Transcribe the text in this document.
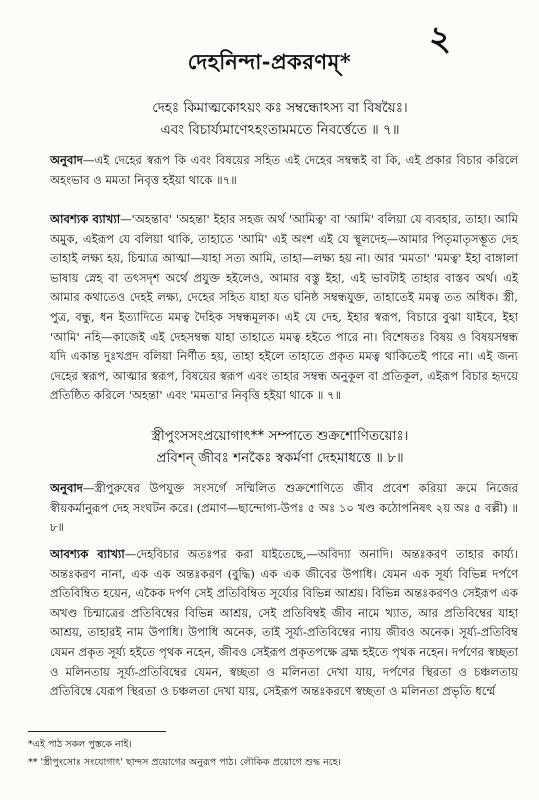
২
দেহনিন্দা-প্রকরণম্*
দেহঃ কিমাত্মকোঽয়ং কঃ সম্বন্ধোঽস্য বা বিষয়ৈঃ।
এবং বিচার্য্যমাণেঽহংতামমতে নিবর্ত্তেতে ॥ ৭॥

অনুবাদ—এই দেহের স্বরূপ কি এবং বিষয়ের সহিত এই দেহের সম্বন্ধই বা কি, এই প্রকার বিচার করিলে অহংভাব ও মমতা নিবৃত্ত হইয়া থাকে ॥৭॥

আবশ্যক ব্যাখ্যা—'অহন্তাব' 'অহন্তা' ইহার সহজ অর্থ 'আমিত্ব' বা 'আমি' বলিয়া যে ব্যবহার, তাহা। আমি অমুক, এইরূপ যে বলিয়া থাকি, তাহাতে 'আমি' এই অংশ এই যে স্থূলদেহ—আমার পিতৃমাতৃসম্ভূত দেহ তাহাই লক্ষ্য হয়, চিন্মাত্র আত্মা—যাহা সত্য আমি, তাহা—লক্ষ্য হয় না। আর 'মমতা' 'মমত্ব' ইহা বাঙ্গালা ভাষায় স্নেহ বা তৎসদৃশ অর্থে প্রযুক্ত হইলেও, আমার বস্তু ইহা, এই ভাবটাই তাহার বাস্তব অর্থ। এই আমার কথাতেও দেহই লক্ষ্য, দেহের সহিত যাহা যত ঘনিষ্ঠ সম্বন্ধযুক্ত, তাহাতেই মমত্ব তত অধিক। স্ত্রী, পুত্র, বন্ধু, ধন ইত্যাদিতে মমত্ব দৈহিক সম্বন্ধমূলক। এই যে দেহ, ইহার স্বরূপ, বিচারে বুঝা যাইবে, ইহা 'আমি' নহি—কাজেই এই দেহসম্বন্ধ যাহা তাহাতে মমত্ব হইতে পারে না। বিশেষতঃ বিষয় ও বিষয়সম্বন্ধ যদি একান্ত দুঃখপ্রদ বলিয়া নির্ণীত হয়, তাহা হইলে তাহাতে প্রকৃত মমত্ব থাকিতেই পারে না। এই জন্য দেহের স্বরূপ, আত্মার স্বরূপ, বিষয়ের স্বরূপ এবং তাহার সম্বন্ধ অনুকূল বা প্রতিকূল, এইরূপ বিচার হৃদয়ে প্রতিষ্ঠিত করিলে 'অহন্তা' এবং 'মমতা'র নিবৃত্তি হইয়া থাকে ॥ ৭॥

স্ত্রীপুংসসংপ্রয়োগাৎ** সম্পাতে শুক্রশোণিতয়োঃ।
প্রবিশন্ জীবঃ শনকৈঃ স্বকর্মণা দেহমাধত্তে ॥ ৮॥

অনুবাদ—স্ত্রীপুরুষের উপযুক্ত সংসর্গে সম্মিলিত শুক্রশোণিতে জীব প্রবেশ করিয়া ক্রমে নিজের স্বীয়কর্মানুরূপ দেহ সংঘটন করে। (প্রমাণ—ছান্দোগ্য-উপঃ ৫ অঃ ১০ খণ্ড কঠোপনিষৎ ২য় অঃ ৫ বল্লী) ॥৮॥

আবশ্যক ব্যাখ্যা—দেহবিচার অতঃপর করা যাইতেছে,—অবিদ্যা অনাদি। অন্তঃকরণ তাহার কার্য্য। অন্তঃকরণ নানা, এক এক অন্তঃকরণ (বুদ্ধি) এক এক জীবের উপাধি। যেমন এক সূর্য্য বিভিন্ন দর্পণে প্রতিবিম্বিত হয়েন, একৈক দর্পণ সেই প্রতিবিম্বিত সূর্য্যের বিভিন্ন আশ্রয়। বিভিন্ন অন্তঃকরণও সেইরূপ এক অখণ্ড চিন্মাত্রের প্রতিবিম্বের বিভিন্ন আশ্রয়, সেই প্রতিবিম্বই জীব নামে খ্যাত, আর প্রতিবিম্বের যাহা আশ্রয়, তাহারই নাম উপাধি। উপাধি অনেক, তাই সূর্য্য-প্রতিবিম্বের ন্যায় জীবও অনেক। সূর্য্য-প্রতিবিম্ব যেমন প্রকৃত সূর্য্য হইতে পৃথক নহেন, জীবও সেইরূপ প্রকৃতপক্ষে ব্রহ্ম হইতে পৃথক নহেন। দর্পণের স্বচ্ছতা ও মলিনতায় সূর্য্য-প্রতিবিম্বের যেমন, স্বচ্ছতা ও মলিনতা দেখা যায়, দর্পণের স্থিরতা ও চঞ্চলতায় প্রতিবিম্বে যেরূপ স্থিরতা ও চঞ্চলতা দেখা যায়, সেইরূপ অন্তঃকরণে স্বচ্ছতা ও মলিনতা প্রভৃতি ধর্ম্মে

*এই পাঠ সকল পুস্তকে নাই।
** 'স্ত্রীপুংসোঃ সংযোগাৎ' ছান্দস প্রয়োগের অনুরূপ পাঠ। লৌকিক প্রয়োগে শুদ্ধ নহে।
